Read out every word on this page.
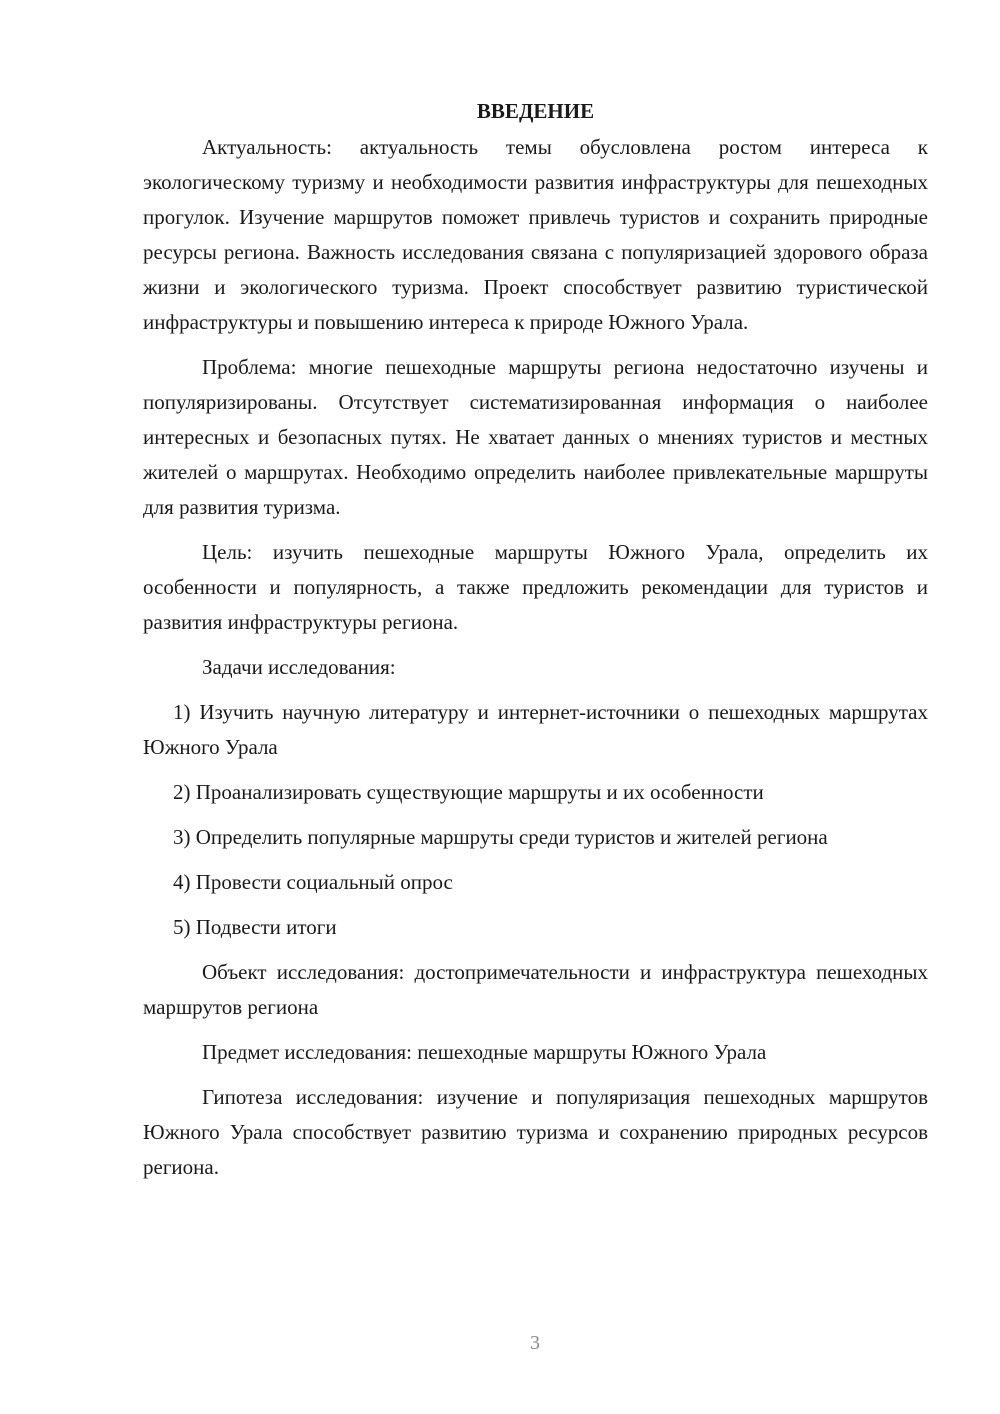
ВВЕДЕНИЕ

Актуальность: актуальность темы обусловлена ростом интереса к экологическому туризму и необходимости развития инфраструктуры для пешеходных прогулок. Изучение маршрутов поможет привлечь туристов и сохранить природные ресурсы региона. Важность исследования связана с популяризацией здорового образа жизни и экологического туризма. Проект способствует развитию туристической инфраструктуры и повышению интереса к природе Южного Урала.

Проблема: многие пешеходные маршруты региона недостаточно изучены и популяризированы. Отсутствует систематизированная информация о наиболее интересных и безопасных путях. Не хватает данных о мнениях туристов и местных жителей о маршрутах. Необходимо определить наиболее привлекательные маршруты для развития туризма.

Цель: изучить пешеходные маршруты Южного Урала, определить их особенности и популярность, а также предложить рекомендации для туристов и развития инфраструктуры региона.

Задачи исследования:

1) Изучить научную литературу и интернет-источники о пешеходных маршрутах Южного Урала

2) Проанализировать существующие маршруты и их особенности

3) Определить популярные маршруты среди туристов и жителей региона

4) Провести социальный опрос

5) Подвести итоги

Объект исследования: достопримечательности и инфраструктура пешеходных маршрутов региона

Предмет исследования: пешеходные маршруты Южного Урала

Гипотеза исследования: изучение и популяризация пешеходных маршрутов Южного Урала способствует развитию туризма и сохранению природных ресурсов региона.

3
